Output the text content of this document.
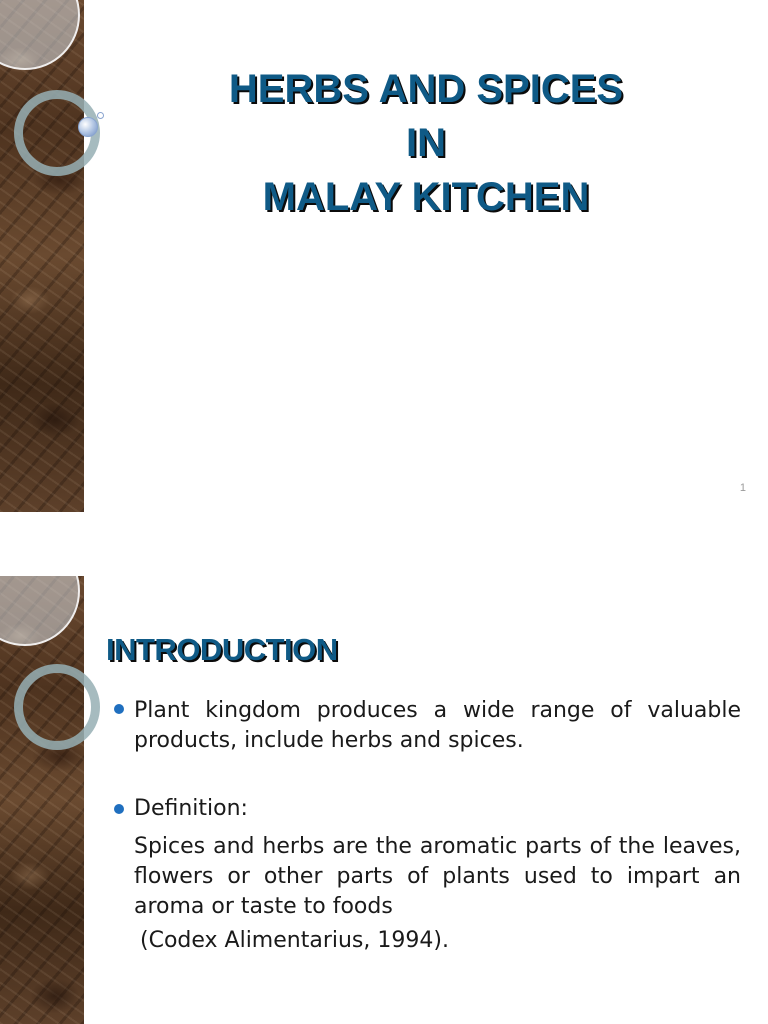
HERBS AND SPICES
IN
MALAY KITCHEN
1
INTRODUCTION
Plant kingdom produces a wide range of valuable products, include herbs and spices.
Definition:
Spices and herbs are the aromatic parts of the leaves, flowers or other parts of plants used to impart an aroma or taste to foods
(Codex Alimentarius, 1994).
